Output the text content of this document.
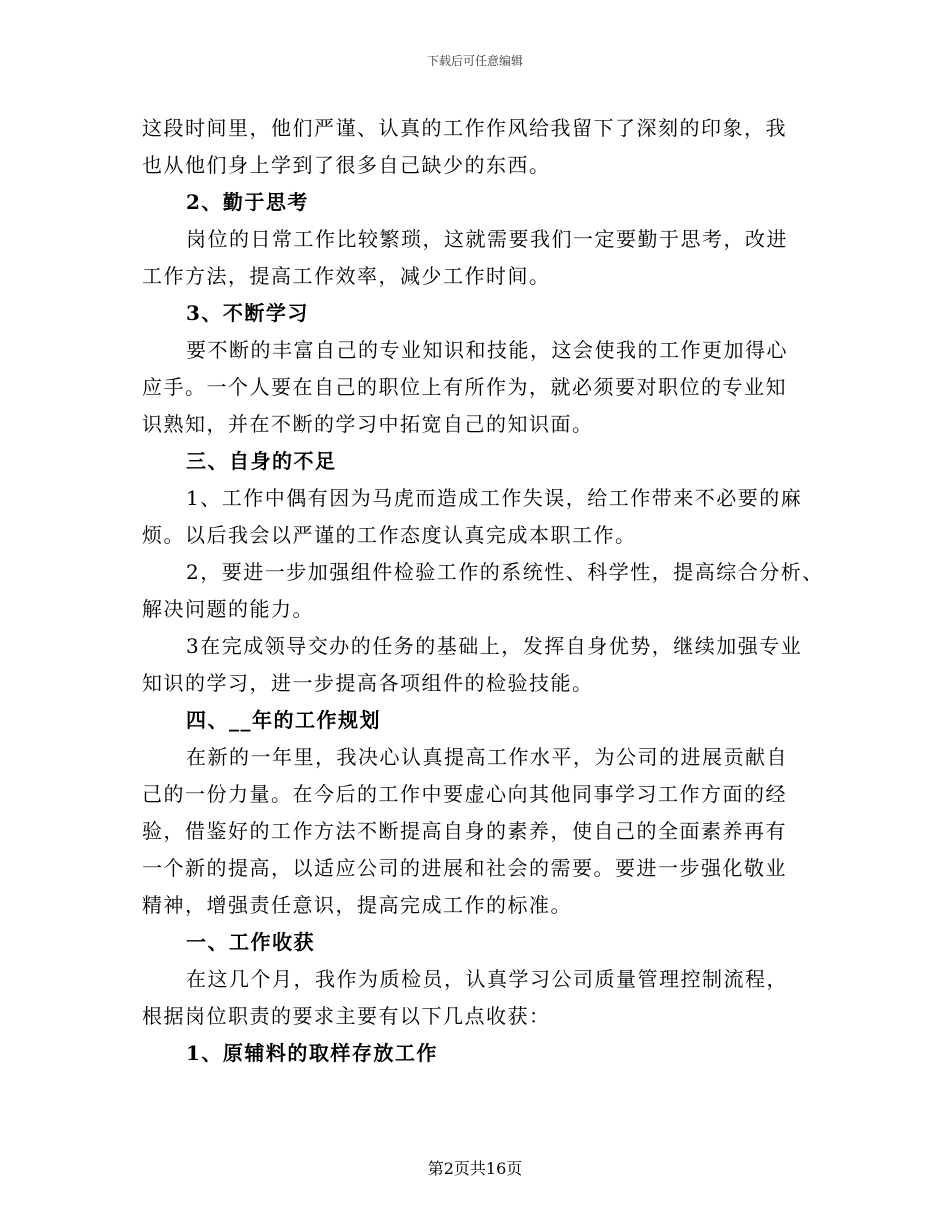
下载后可任意编辑
这段时间里，他们严谨、认真的工作作风给我留下了深刻的印象，我
也从他们身上学到了很多自己缺少的东西。
2、勤于思考
岗位的日常工作比较繁琐，这就需要我们一定要勤于思考，改进
工作方法，提高工作效率，减少工作时间。
3、不断学习
要不断的丰富自己的专业知识和技能，这会使我的工作更加得心
应手。一个人要在自己的职位上有所作为，就必须要对职位的专业知
识熟知，并在不断的学习中拓宽自己的知识面。
三、自身的不足
1、工作中偶有因为马虎而造成工作失误，给工作带来不必要的麻
烦。以后我会以严谨的工作态度认真完成本职工作。
2，要进一步加强组件检验工作的系统性、科学性，提高综合分析、
解决问题的能力。
3在完成领导交办的任务的基础上，发挥自身优势，继续加强专业
知识的学习，进一步提高各项组件的检验技能。
四、__年的工作规划
在新的一年里，我决心认真提高工作水平，为公司的进展贡献自
己的一份力量。在今后的工作中要虚心向其他同事学习工作方面的经
验，借鉴好的工作方法不断提高自身的素养，使自己的全面素养再有
一个新的提高，以适应公司的进展和社会的需要。要进一步强化敬业
精神，增强责任意识，提高完成工作的标准。
一、工作收获
在这几个月，我作为质检员，认真学习公司质量管理控制流程，
根据岗位职责的要求主要有以下几点收获：
1、原辅料的取样存放工作
第2页共16页
